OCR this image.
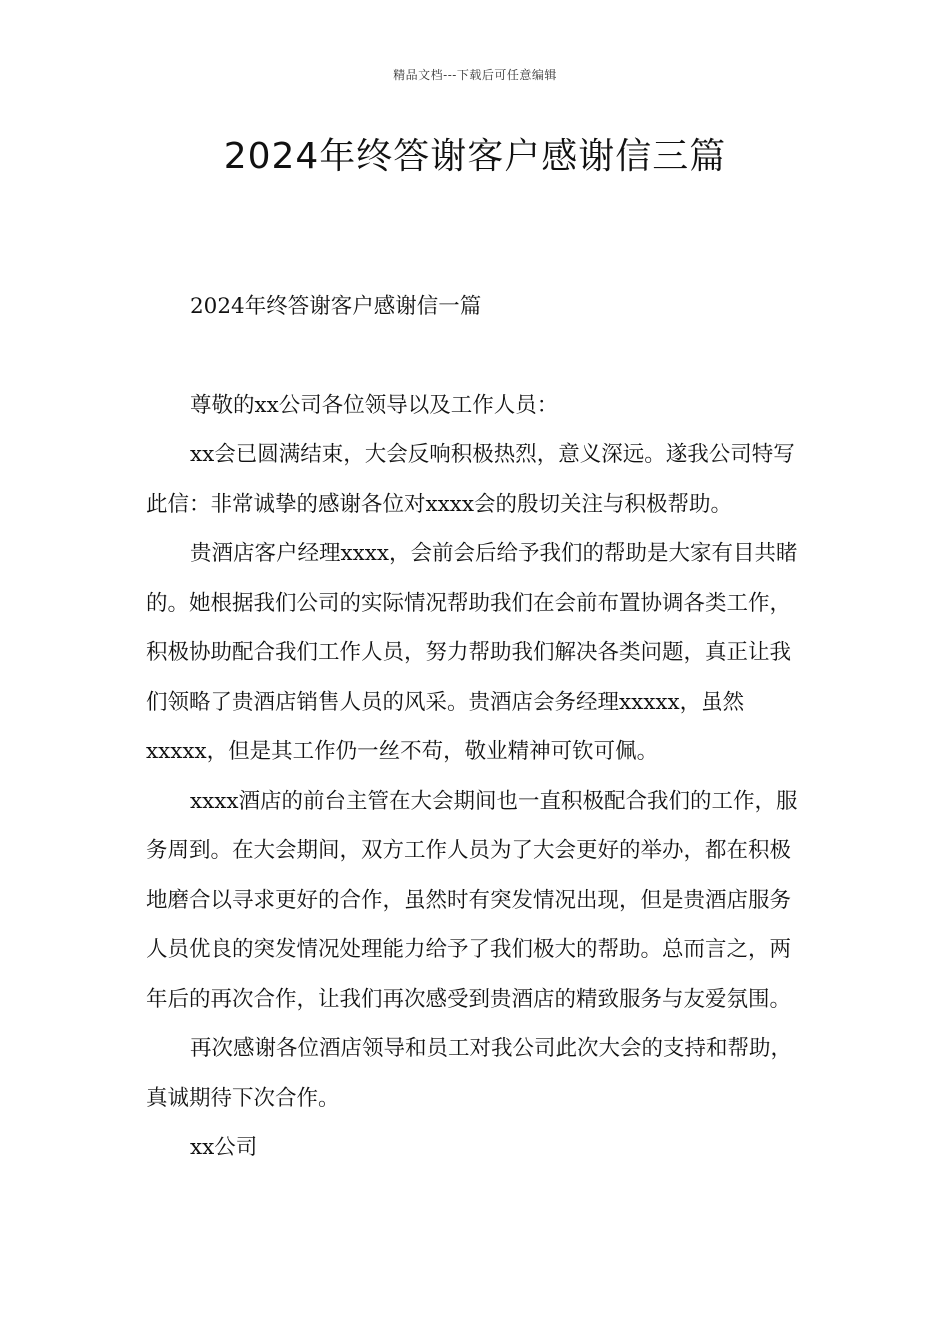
精品文档---下载后可任意编辑
2024年终答谢客户感谢信三篇

2024年终答谢客户感谢信一篇

尊敬的xx公司各位领导以及工作人员：

xx会已圆满结束，大会反响积极热烈，意义深远。遂我公司特写此信：非常诚挚的感谢各位对xxxx会的殷切关注与积极帮助。

贵酒店客户经理xxxx，会前会后给予我们的帮助是大家有目共睹的。她根据我们公司的实际情况帮助我们在会前布置协调各类工作，积极协助配合我们工作人员，努力帮助我们解决各类问题，真正让我们领略了贵酒店销售人员的风采。贵酒店会务经理xxxxx，虽然xxxxx，但是其工作仍一丝不苟，敬业精神可钦可佩。

xxxx酒店的前台主管在大会期间也一直积极配合我们的工作，服务周到。在大会期间，双方工作人员为了大会更好的举办，都在积极地磨合以寻求更好的合作，虽然时有突发情况出现，但是贵酒店服务人员优良的突发情况处理能力给予了我们极大的帮助。总而言之，两年后的再次合作，让我们再次感受到贵酒店的精致服务与友爱氛围。

再次感谢各位酒店领导和员工对我公司此次大会的支持和帮助，真诚期待下次合作。

xx公司
